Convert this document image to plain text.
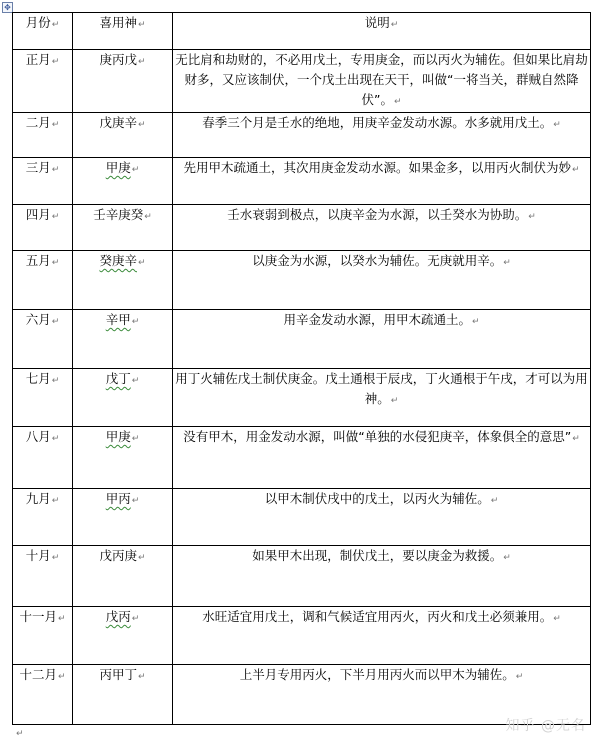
✥
月份↵	喜用神↵	说明↵
正月↵	庚丙戊↵	无比肩和劫财的，不必用戊土，专用庚金，而以丙火为辅佐。但如果比肩劫财多，又应该制伏，一个戊土出现在天干，叫做“一将当关，群贼自然降伏”。↵
二月↵	戊庚辛↵	春季三个月是壬水的绝地，用庚辛金发动水源。水多就用戊土。↵
三月↵	甲庚↵	先用甲木疏通土，其次用庚金发动水源。如果金多，以用丙火制伏为妙↵
四月↵	壬辛庚癸↵	壬水衰弱到极点，以庚辛金为水源，以壬癸水为协助。↵
五月↵	癸庚辛↵	以庚金为水源，以癸水为辅佐。无庚就用辛。↵
六月↵	辛甲↵	用辛金发动水源，用甲木疏通土。↵
七月↵	戊丁↵	用丁火辅佐戊土制伏庚金。戊土通根于辰戌，丁火通根于午戌，才可以为用神。↵
八月↵	甲庚↵	没有甲木，用金发动水源，叫做“单独的水侵犯庚辛，体象俱全的意思”↵
九月↵	甲丙↵	以甲木制伏戌中的戊土，以丙火为辅佐。↵
十月↵	戊丙庚↵	如果甲木出现，制伏戊土，要以庚金为救援。↵
十一月↵	戊丙↵	水旺适宜用戊土，调和气候适宜用丙火，丙火和戊土必须兼用。↵
十二月↵	丙甲丁↵	上半月专用丙火，下半月用丙火而以甲木为辅佐。↵
↵	知乎 @无名
